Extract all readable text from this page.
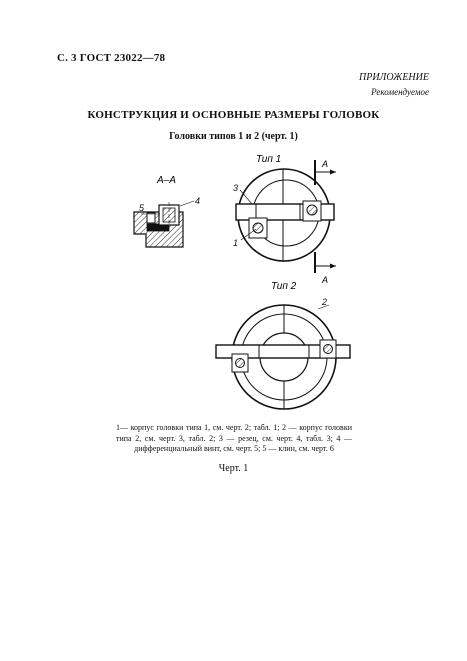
С. 3 ГОСТ 23022—78
ПРИЛОЖЕНИЕ
Рекомендуемое
КОНСТРУКЦИЯ И ОСНОВНЫЕ РАЗМЕРЫ ГОЛОВОК
Головки типов 1 и 2 (черт. 1)
Тип 1
А–А
Тип 2
А
А
5
4
3
1
2

1— корпус головки типа 1, см. черт. 2; табл. 1; 2 — корпус головки типа 2, см. черт. 3, табл. 2; 3 — резец, см. черт. 4, табл. 3; 4 — дифференциальный винт, см. черт. 5; 5 — клин, см. черт. 6

Черт. 1
